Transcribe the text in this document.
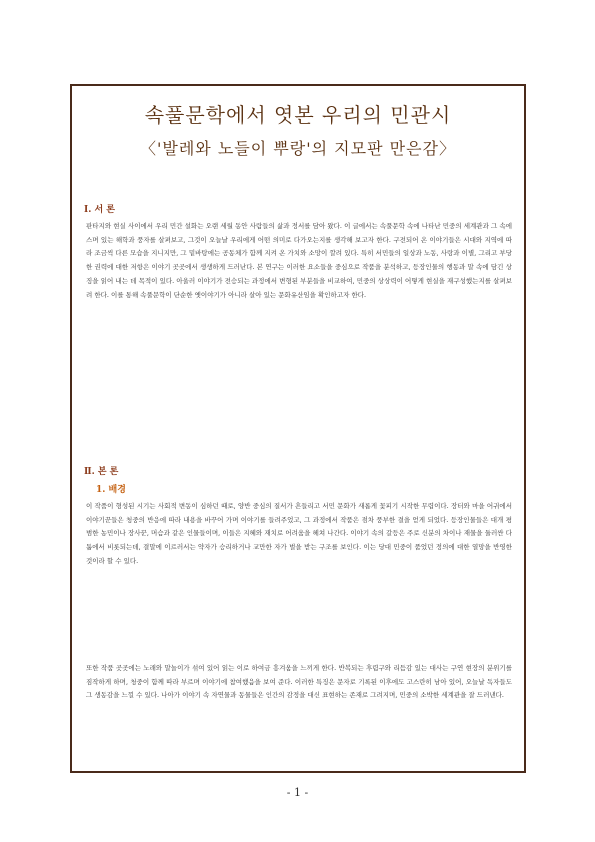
속풀문학에서 엿본 우리의 민관시
〈'발레와 노들이 뿌랑'의 지모판 만은감〉
Ⅰ. 서 론
판타지와 현실 사이에서 우리 민간 설화는 오랜 세월 동안 사람들의 삶과 정서를 담아 왔다. 이 글에서는 속풀문학 속에 나타난 민중의 세계관과 그 속에 스며 있는 해학과 풍자를 살펴보고, 그것이 오늘날 우리에게 어떤 의미로 다가오는지를 생각해 보고자 한다. 구전되어 온 이야기들은 시대와 지역에 따라 조금씩 다른 모습을 지니지만, 그 밑바탕에는 공동체가 함께 지켜 온 가치와 소망이 깔려 있다. 특히 서민들의 일상과 노동, 사랑과 이별, 그리고 부당한 권력에 대한 저항은 이야기 곳곳에서 생생하게 드러난다. 본 연구는 이러한 요소들을 중심으로 작품을 분석하고, 등장인물의 행동과 말 속에 담긴 상징을 읽어 내는 데 목적이 있다. 아울러 이야기가 전승되는 과정에서 변형된 부분들을 비교하여, 민중의 상상력이 어떻게 현실을 재구성했는지를 살펴보려 한다. 이를 통해 속풀문학이 단순한 옛이야기가 아니라 살아 있는 문화유산임을 확인하고자 한다.
Ⅱ. 본 론
1. 배경
이 작품이 형성된 시기는 사회적 변동이 심하던 때로, 양반 중심의 질서가 흔들리고 서민 문화가 새롭게 꽃피기 시작한 무렵이다. 장터와 마을 어귀에서 이야기꾼들은 청중의 반응에 따라 내용을 바꾸어 가며 이야기를 들려주었고, 그 과정에서 작품은 점차 풍부한 결을 얻게 되었다. 등장인물들은 대개 평범한 농민이나 장사꾼, 머슴과 같은 인물들이며, 이들은 지혜와 재치로 어려움을 헤쳐 나간다. 이야기 속의 갈등은 주로 신분의 차이나 재물을 둘러싼 다툼에서 비롯되는데, 결말에 이르러서는 약자가 승리하거나 교만한 자가 벌을 받는 구조를 보인다. 이는 당대 민중이 품었던 정의에 대한 열망을 반영한 것이라 할 수 있다.
또한 작품 곳곳에는 노래와 말놀이가 섞여 있어 읽는 이로 하여금 흥겨움을 느끼게 한다. 반복되는 후렴구와 리듬감 있는 대사는 구연 현장의 분위기를 짐작하게 하며, 청중이 함께 따라 부르며 이야기에 참여했음을 보여 준다. 이러한 특징은 문자로 기록된 이후에도 고스란히 남아 있어, 오늘날 독자들도 그 생동감을 느낄 수 있다. 나아가 이야기 속 자연물과 동물들은 인간의 감정을 대신 표현하는 존재로 그려지며, 민중의 소박한 세계관을 잘 드러낸다.
- 1 -
